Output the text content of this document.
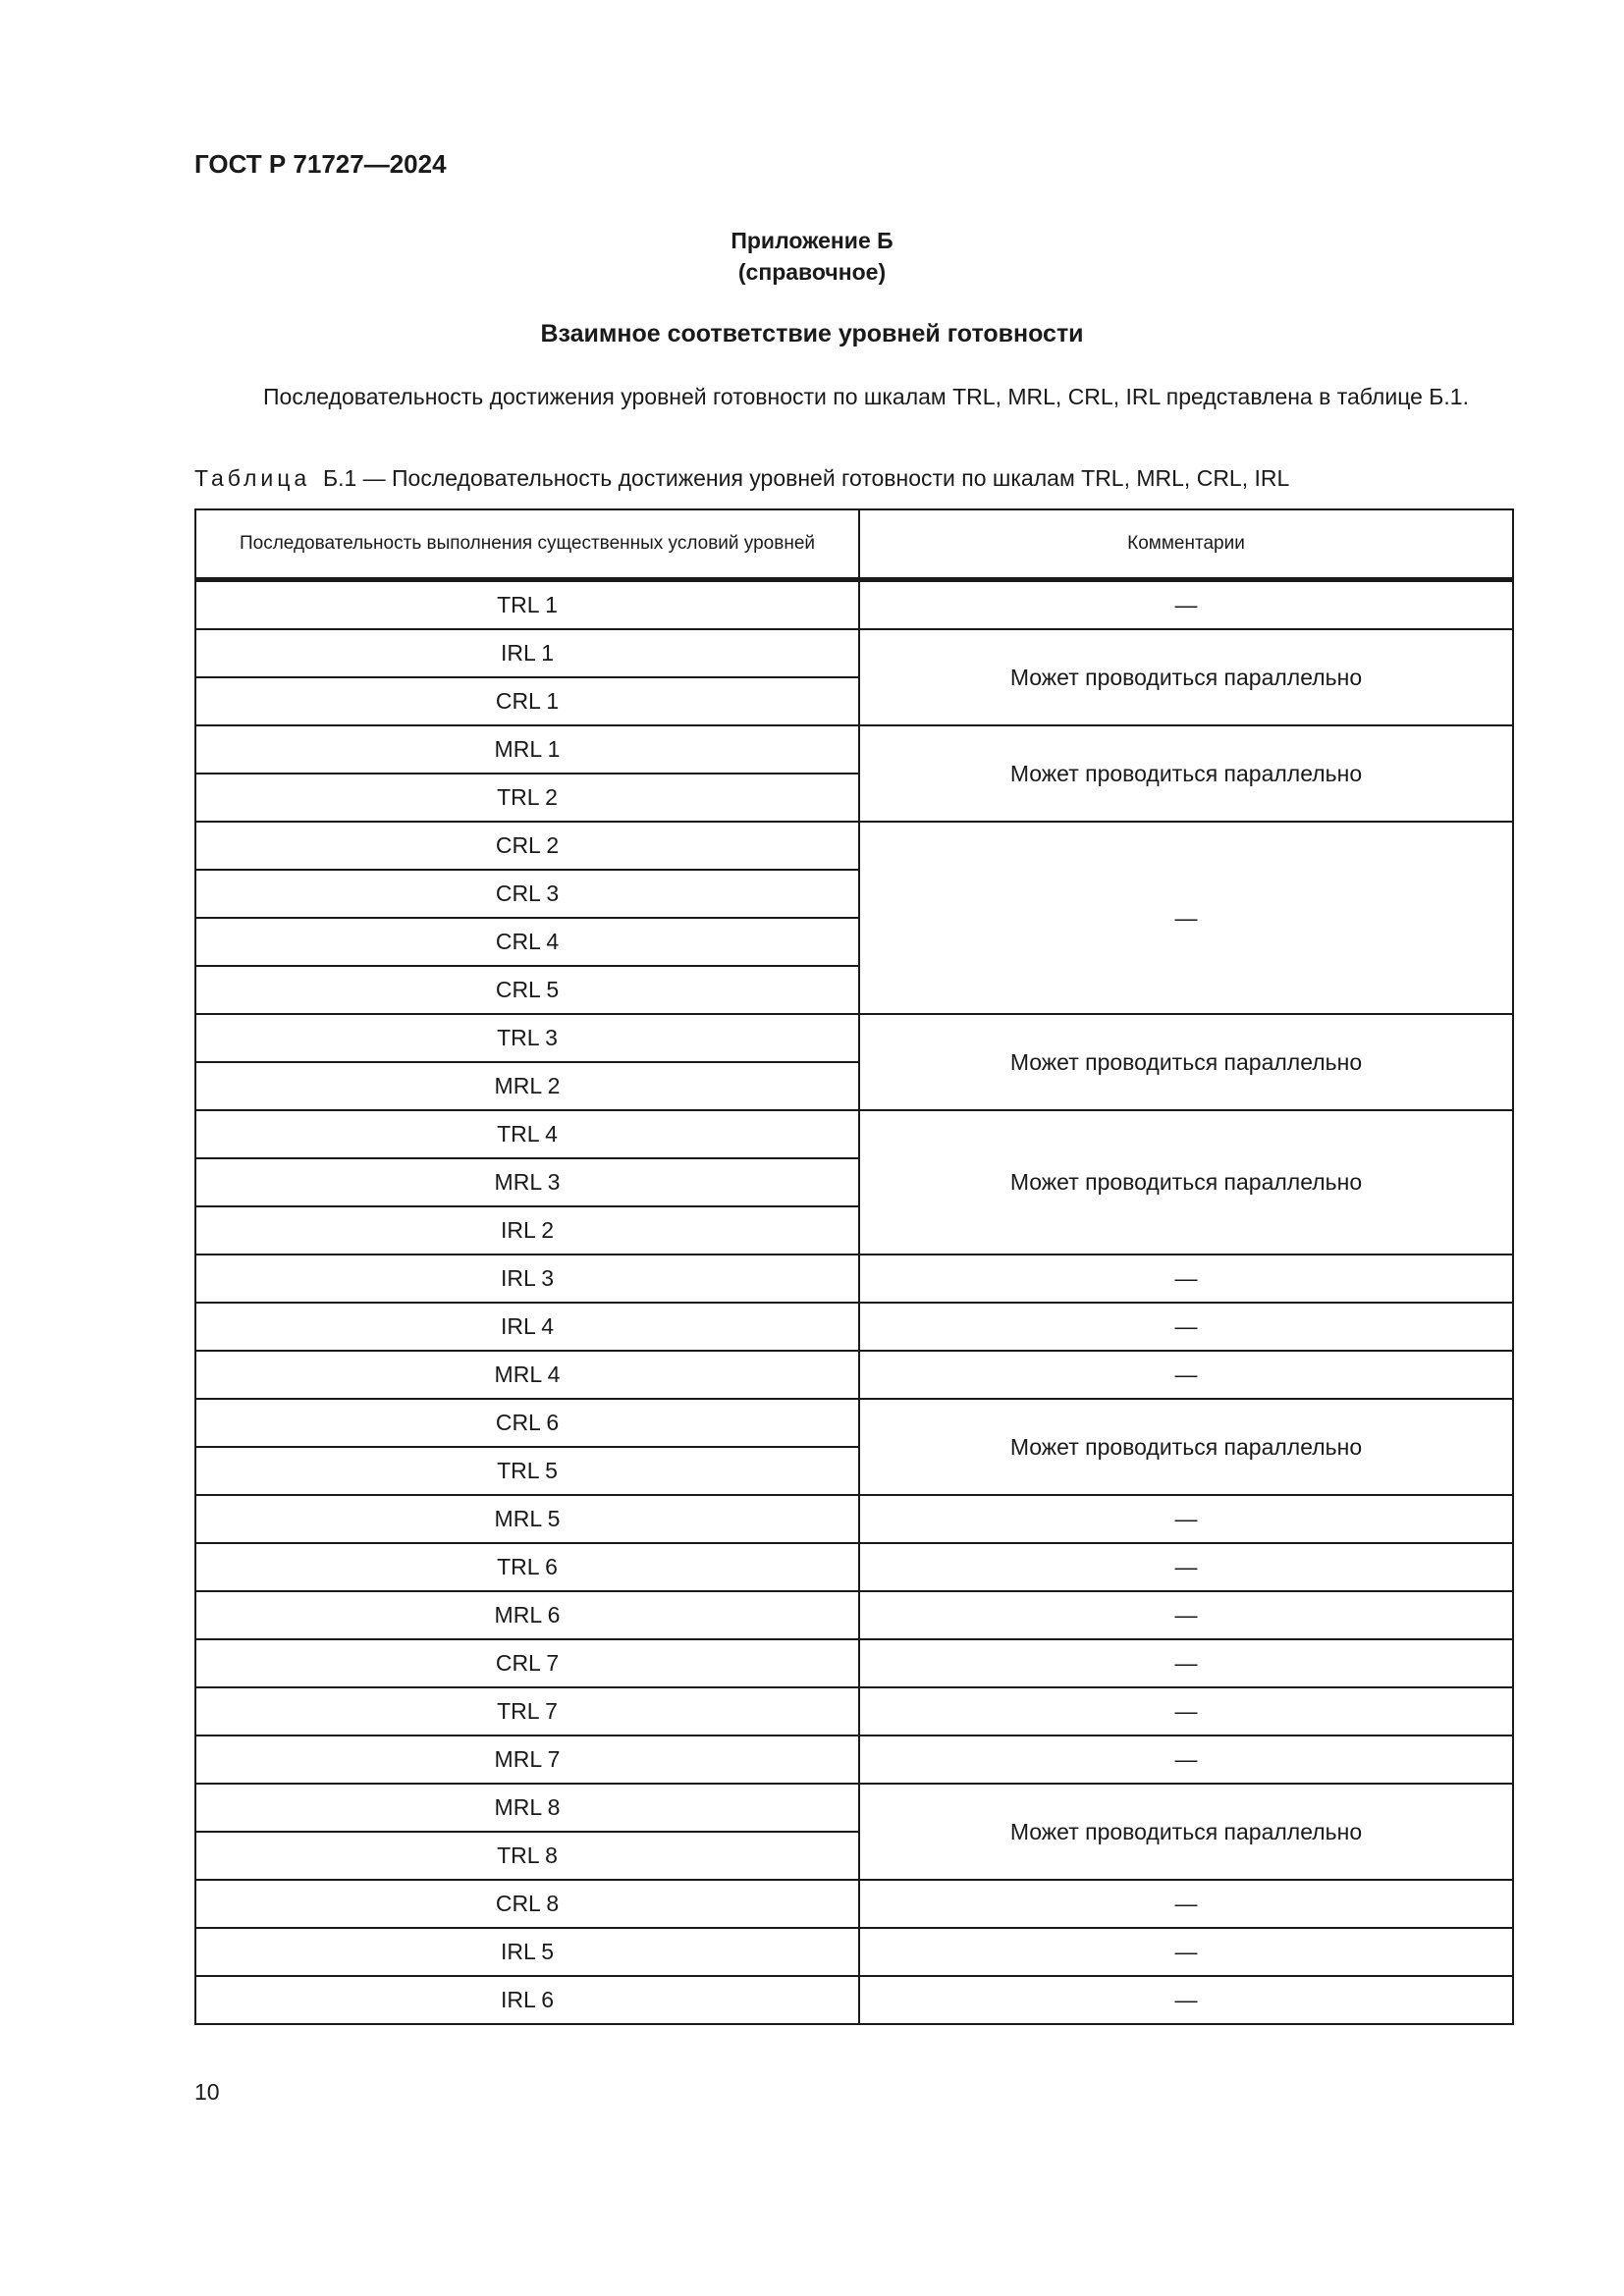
ГОСТ Р 71727—2024
Приложение Б
(справочное)
Взаимное соответствие уровней готовности
Последовательность достижения уровней готовности по шкалам TRL, MRL, CRL, IRL представлена в таблице Б.1.
Таблица Б.1 — Последовательность достижения уровней готовности по шкалам TRL, MRL, CRL, IRL
Последовательность выполнения существенных условий уровней	Комментарии
TRL 1	—
IRL 1	Может проводиться параллельно
CRL 1	
MRL 1	Может проводиться параллельно
TRL 2	
CRL 2	—
CRL 3	
CRL 4	
CRL 5	
TRL 3	Может проводиться параллельно
MRL 2	
TRL 4	Может проводиться параллельно
MRL 3	
IRL 2	
IRL 3	—
IRL 4	—
MRL 4	—
CRL 6	Может проводиться параллельно
TRL 5	
MRL 5	—
TRL 6	—
MRL 6	—
CRL 7	—
TRL 7	—
MRL 7	—
MRL 8	Может проводиться параллельно
TRL 8	
CRL 8	—
IRL 5	—
IRL 6	—
10
